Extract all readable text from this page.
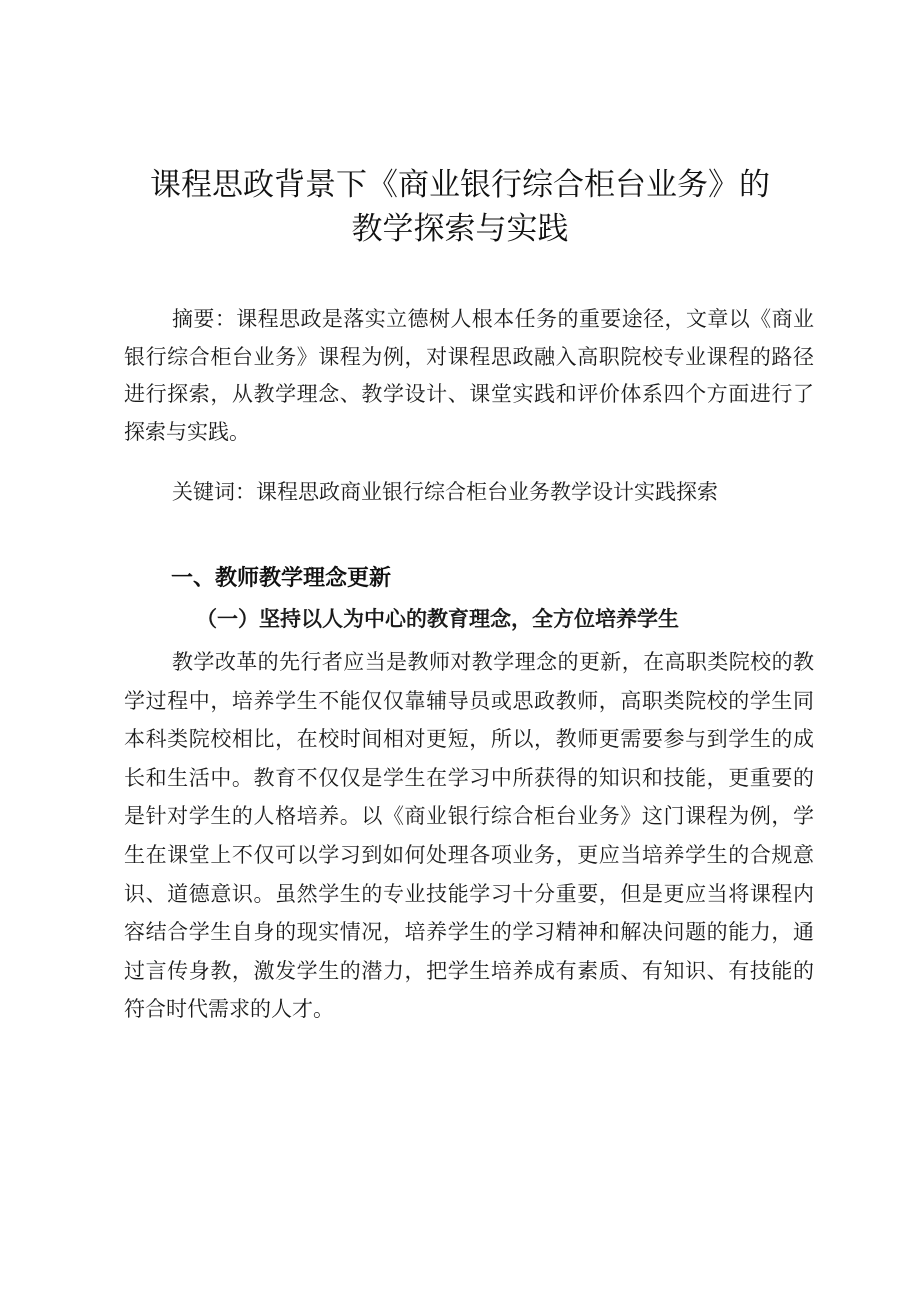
课程思政背景下《商业银行综合柜台业务》的
教学探索与实践

摘要：课程思政是落实立德树人根本任务的重要途径，文章以《商业银行综合柜台业务》课程为例，对课程思政融入高职院校专业课程的路径进行探索，从教学理念、教学设计、课堂实践和评价体系四个方面进行了探索与实践。

关键词：课程思政商业银行综合柜台业务教学设计实践探索

一、教师教学理念更新
（一）坚持以人为中心的教育理念，全方位培养学生

教学改革的先行者应当是教师对教学理念的更新，在高职类院校的教学过程中，培养学生不能仅仅靠辅导员或思政教师，高职类院校的学生同本科类院校相比，在校时间相对更短，所以，教师更需要参与到学生的成长和生活中。教育不仅仅是学生在学习中所获得的知识和技能，更重要的是针对学生的人格培养。以《商业银行综合柜台业务》这门课程为例，学生在课堂上不仅可以学习到如何处理各项业务，更应当培养学生的合规意识、道德意识。虽然学生的专业技能学习十分重要，但是更应当将课程内容结合学生自身的现实情况，培养学生的学习精神和解决问题的能力，通过言传身教，激发学生的潜力，把学生培养成有素质、有知识、有技能的符合时代需求的人才。
